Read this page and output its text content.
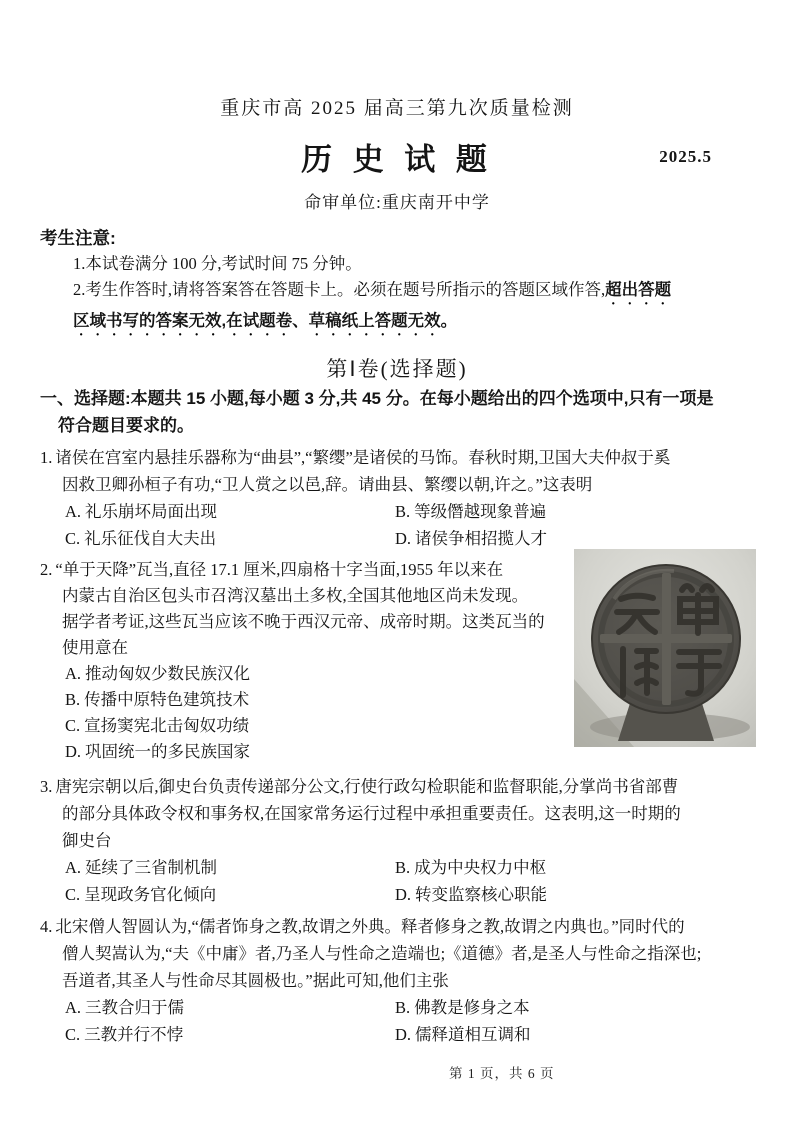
重庆市高 2025 届高三第九次质量检测
历 史 试 题	2025.5
命审单位:重庆南开中学
考生注意:
1.本试卷满分 100 分,考试时间 75 分钟。
2.考生作答时,请将答案答在答题卡上。必须在题号所指示的答题区域作答,超出答题
区域书写的答案无效,在试题卷、草稿纸上答题无效。
第Ⅰ卷(选择题)
一、选择题:本题共 15 小题,每小题 3 分,共 45 分。在每小题给出的四个选项中,只有一项是
符合题目要求的。
1. 诸侯在宫室内悬挂乐器称为“曲县”,“繁缨”是诸侯的马饰。春秋时期,卫国大夫仲叔于奚
因救卫卿孙桓子有功,“卫人赏之以邑,辞。请曲县、繁缨以朝,许之。”这表明
A. 礼乐崩坏局面出现	B. 等级僭越现象普遍
C. 礼乐征伐自大夫出	D. 诸侯争相招揽人才
2. “单于天降”瓦当,直径 17.1 厘米,四扇格十字当面,1955 年以来在
内蒙古自治区包头市召湾汉墓出土多枚,全国其他地区尚未发现。
据学者考证,这些瓦当应该不晚于西汉元帝、成帝时期。这类瓦当的
使用意在
A. 推动匈奴少数民族汉化
B. 传播中原特色建筑技术
C. 宣扬窦宪北击匈奴功绩
D. 巩固统一的多民族国家
3. 唐宪宗朝以后,御史台负责传递部分公文,行使行政勾检职能和监督职能,分掌尚书省部曹
的部分具体政令权和事务权,在国家常务运行过程中承担重要责任。这表明,这一时期的
御史台
A. 延续了三省制机制	B. 成为中央权力中枢
C. 呈现政务官化倾向	D. 转变监察核心职能
4. 北宋僧人智圆认为,“儒者饰身之教,故谓之外典。释者修身之教,故谓之内典也。”同时代的
僧人契嵩认为,“夫《中庸》者,乃圣人与性命之造端也;《道德》者,是圣人与性命之指深也;
吾道者,其圣人与性命尽其圆极也。”据此可知,他们主张
A. 三教合归于儒	B. 佛教是修身之本
C. 三教并行不悖	D. 儒释道相互调和
第 1 页，共 6 页
